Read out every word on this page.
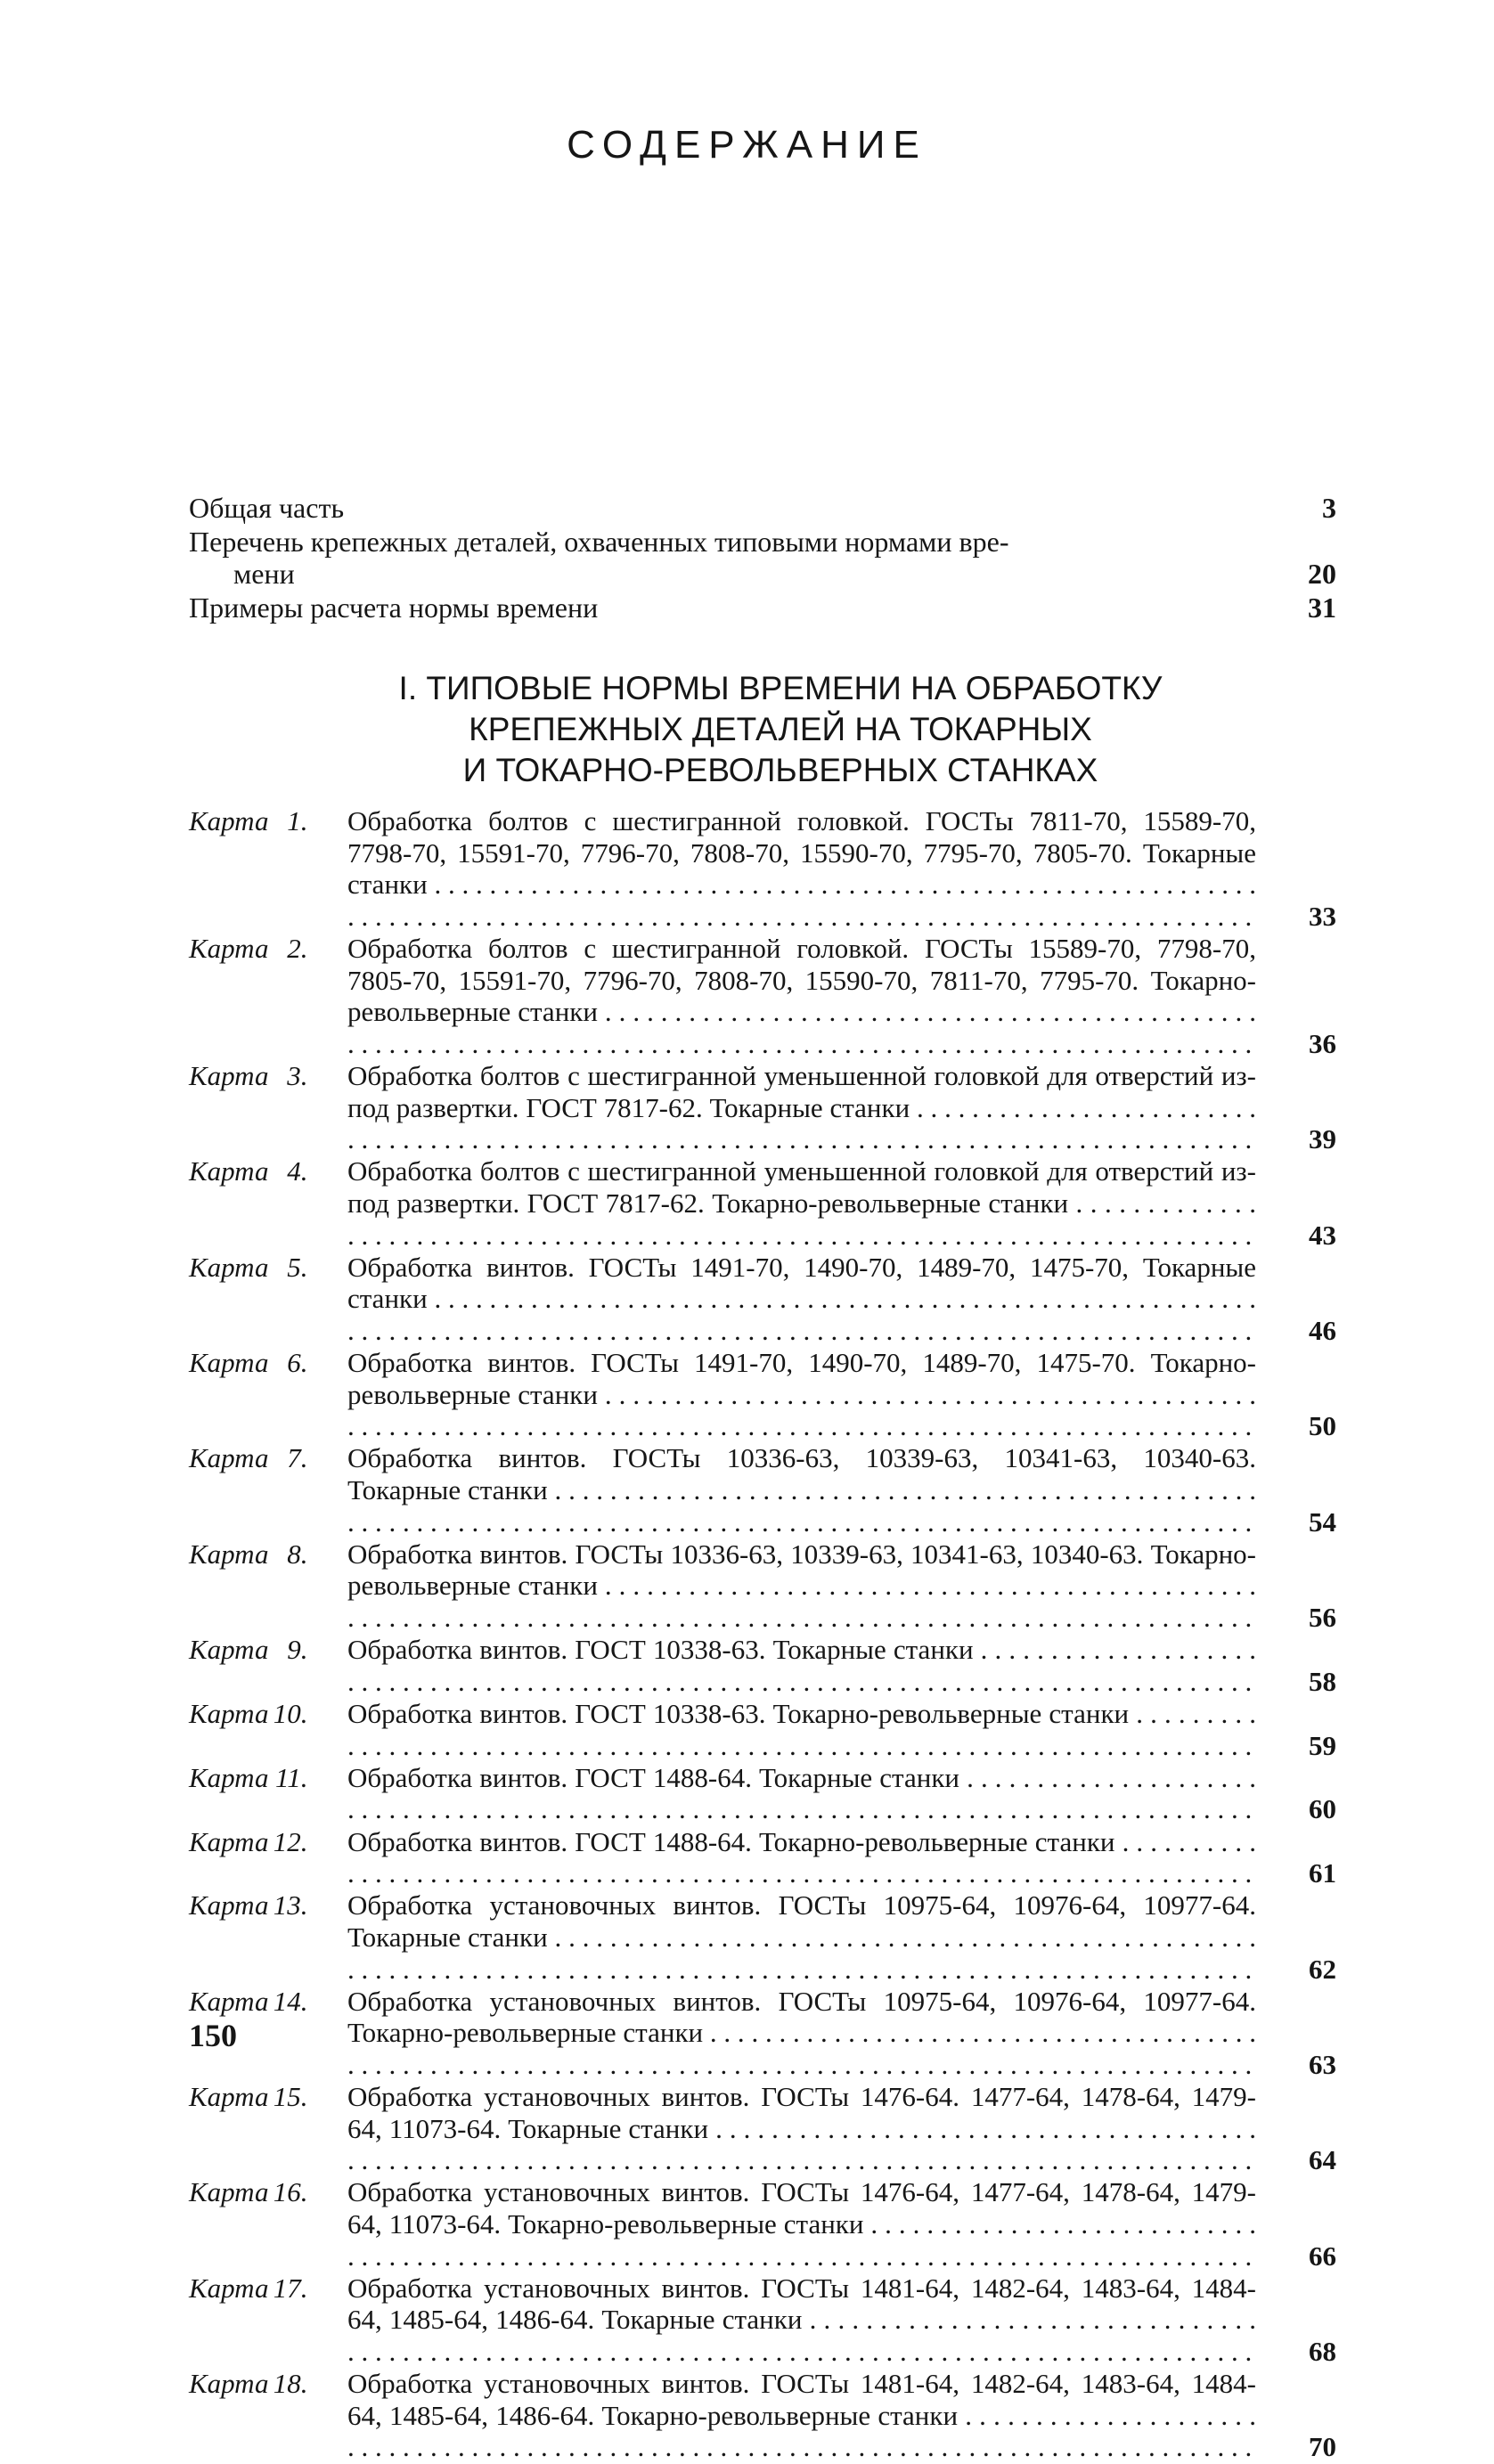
СОДЕРЖАНИЕ
Общая часть	3
Перечень крепежных деталей, охваченных типовыми нормами вре-
мени	20
Примеры расчета нормы времени	31
I. ТИПОВЫЕ НОРМЫ ВРЕМЕНИ НА ОБРАБОТКУ
КРЕПЕЖНЫХ ДЕТАЛЕЙ НА ТОКАРНЫХ
И ТОКАРНО-РЕВОЛЬВЕРНЫХ СТАНКАХ
Карта 1.	Обработка болтов с шестигранной головкой. ГОСТы 7811-70, 15589-70, 7798-70, 15591-70, 7796-70, 7808-70, 15590-70, 7795-70, 7805-70. Токарные станки . . . . . . . . . . . . . . . . . . . . . . . . . . . . . . . . . . . . . . . . . . . . . . . . . . . . . . . . . .
33
Карта 2.	Обработка болтов с шестигранной головкой. ГОСТы 15589-70, 7798-70, 7805-70, 15591-70, 7796-70, 7808-70, 15590-70, 7811-70, 7795-70. Токарно-револьверные станки . . . . . . . . . . . . . . . . . . . . . . . . . . . . . . . . . . . . . . . . . . . . .
36
Карта 3.	Обработка болтов с шестигранной уменьшенной головкой для отверстий из-под развертки. ГОСТ 7817-62. Токарные станки . . . . . . . . . . . . . . . . . . . . . . .
39
Карта 4.	Обработка болтов с шестигранной уменьшенной головкой для отверстий из-под развертки. ГОСТ 7817-62. Токарно-револьверные станки . . . . . . . . . . .
43
Карта 5.	Обработка винтов. ГОСТы 1491-70, 1490-70, 1489-70, 1475-70, Токарные станки . . . . . . . . . . . . . . . . . . . . . . . . . . . . . . . . . . . . . . . . . . . . . . . . . . . . . . . . . .
46
Карта 6.	Обработка винтов. ГОСТы 1491-70, 1490-70, 1489-70, 1475-70. Токарно-револьверные станки . . . . . . . . . . . . . . . . . . . . . . . . . . . . . . . . . . . . . . . . . . . . .
50
Карта 7.	Обработка винтов. ГОСТы 10336-63, 10339-63, 10341-63, 10340-63. Токарные станки . . . . . . . . . . . . . . . . . . . . . . . . . . . . . . . . . . . . . . . . . . . . . . . . .
54
Карта 8.	Обработка винтов. ГОСТы 10336-63, 10339-63, 10341-63, 10340-63. Токарно-револьверные станки . . . . . . . . . . . . . . . . . . . . . . . . . . . . . . . . . . . . . . . . . . . . .
56
Карта 9.	Обработка винтов. ГОСТ 10338-63. Токарные станки . . . . . . . . . . . . . . . . . .
58
Карта 10.	Обработка винтов. ГОСТ 10338-63. Токарно-револьверные станки . . . . . . .
59
Карта 11.	Обработка винтов. ГОСТ 1488-64. Токарные станки . . . . . . . . . . . . . . . . . . .
60
Карта 12.	Обработка винтов. ГОСТ 1488-64. Токарно-револьверные станки . . . . . . . .
61
Карта 13.	Обработка установочных винтов. ГОСТы 10975-64, 10976-64, 10977-64. Токарные станки . . . . . . . . . . . . . . . . . . . . . . . . . . . . . . . . . . . . . . . . . . . . . . . . .
62
Карта 14.	Обработка установочных винтов. ГОСТы 10975-64, 10976-64, 10977-64. Токарно-револьверные станки . . . . . . . . . . . . . . . . . . . . . . . . . . . . . . . . . . . . . .
63
Карта 15.	Обработка установочных винтов. ГОСТы 1476-64. 1477-64, 1478-64, 1479-64, 11073-64. Токарные станки . . . . . . . . . . . . . . . . . . . . . . . . . . . . . . . . . . . . .
64
Карта 16.	Обработка установочных винтов. ГОСТы 1476-64, 1477-64, 1478-64, 1479-64, 11073-64. Токарно-револьверные станки . . . . . . . . . . . . . . . . . . . . . . . . . .
66
Карта 17.	Обработка установочных винтов. ГОСТы 1481-64, 1482-64, 1483-64, 1484-64, 1485-64, 1486-64. Токарные станки . . . . . . . . . . . . . . . . . . . . . . . . . . . . . .
68
Карта 18.	Обработка установочных винтов. ГОСТы 1481-64, 1482-64, 1483-64, 1484-64, 1485-64, 1486-64. Токарно-револьверные станки . . . . . . . . . . . . . . . . . . .
70
150
